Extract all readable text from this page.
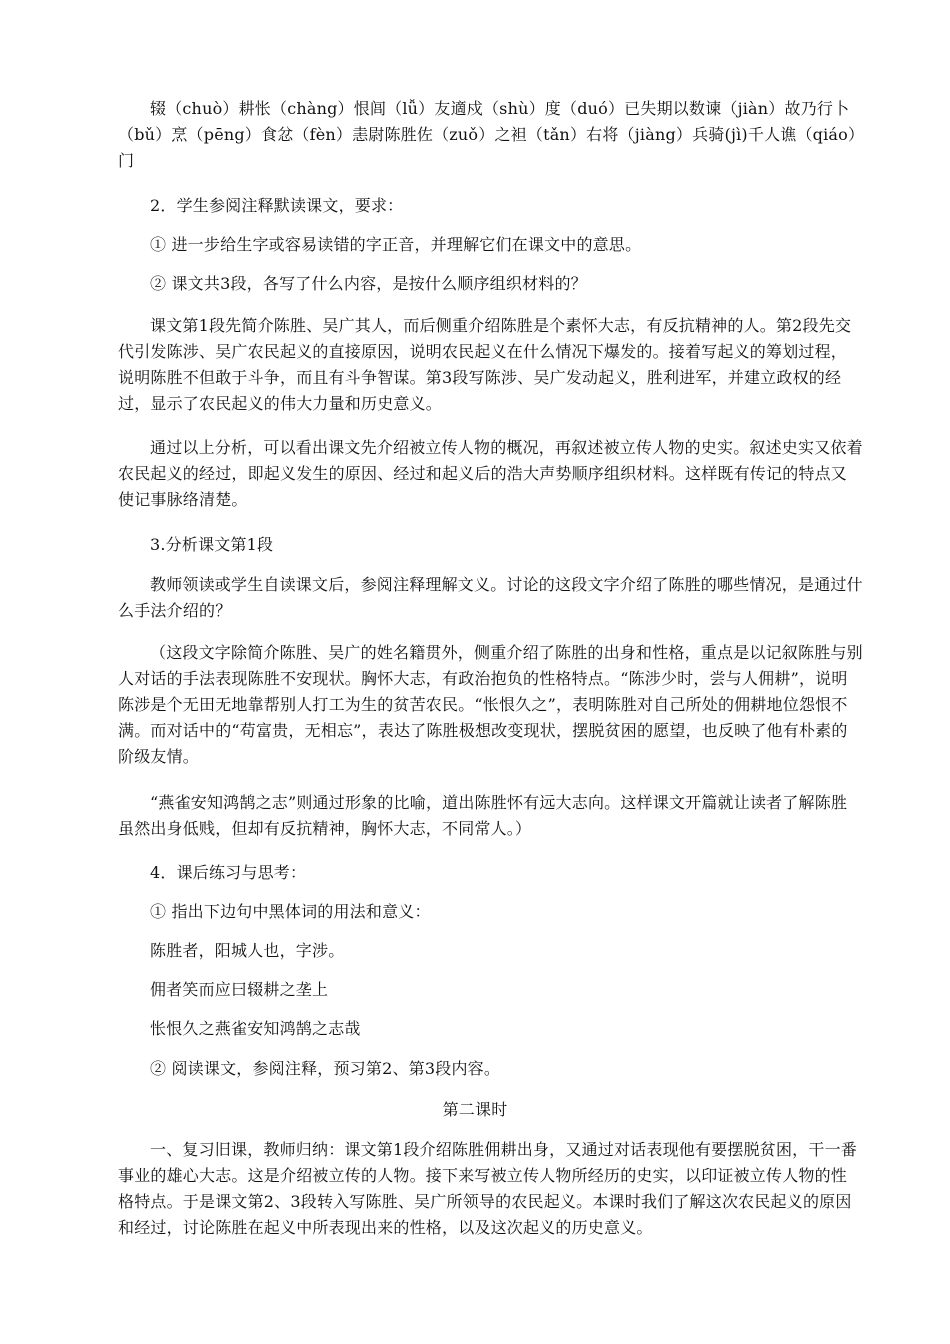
辍（chuò）耕怅（chàng）恨闾（lǚ）友適戍（shù）度（duó）已失期以数谏（jiàn）故乃行卜（bǔ）烹（pēng）食忿（fèn）恚尉陈胜佐（zuǒ）之袒（tǎn）右将（jiàng）兵骑(jì)千人谯（qiáo）门

2．学生参阅注释默读课文，要求：

① 进一步给生字或容易读错的字正音，并理解它们在课文中的意思。

② 课文共3段，各写了什么内容，是按什么顺序组织材料的？

课文第1段先简介陈胜、吴广其人，而后侧重介绍陈胜是个素怀大志，有反抗精神的人。第2段先交代引发陈涉、吴广农民起义的直接原因，说明农民起义在什么情况下爆发的。接着写起义的筹划过程，说明陈胜不但敢于斗争，而且有斗争智谋。第3段写陈涉、吴广发动起义，胜利进军，并建立政权的经过，显示了农民起义的伟大力量和历史意义。

通过以上分析，可以看出课文先介绍被立传人物的概况，再叙述被立传人物的史实。叙述史实又依着农民起义的经过，即起义发生的原因、经过和起义后的浩大声势顺序组织材料。这样既有传记的特点又使记事脉络清楚。

3.分析课文第1段

教师领读或学生自读课文后，参阅注释理解文义。讨论的这段文字介绍了陈胜的哪些情况，是通过什么手法介绍的？

（这段文字除简介陈胜、吴广的姓名籍贯外，侧重介绍了陈胜的出身和性格，重点是以记叙陈胜与别人对话的手法表现陈胜不安现状。胸怀大志，有政治抱负的性格特点。“陈涉少时，尝与人佣耕”，说明陈涉是个无田无地靠帮别人打工为生的贫苦农民。“怅恨久之”，表明陈胜对自己所处的佣耕地位怨恨不满。而对话中的“苟富贵，无相忘”，表达了陈胜极想改变现状，摆脱贫困的愿望，也反映了他有朴素的阶级友情。

“燕雀安知鸿鹄之志”则通过形象的比喻，道出陈胜怀有远大志向。这样课文开篇就让读者了解陈胜虽然出身低贱，但却有反抗精神，胸怀大志，不同常人。）

4．课后练习与思考：

① 指出下边句中黑体词的用法和意义：

陈胜者，阳城人也，字涉。

佣者笑而应曰辍耕之垄上

怅恨久之燕雀安知鸿鹄之志哉

② 阅读课文，参阅注释，预习第2、第3段内容。

第二课时

一、复习旧课，教师归纳：课文第1段介绍陈胜佣耕出身，又通过对话表现他有要摆脱贫困，干一番事业的雄心大志。这是介绍被立传的人物。接下来写被立传人物所经历的史实，以印证被立传人物的性格特点。于是课文第2、3段转入写陈胜、吴广所领导的农民起义。本课时我们了解这次农民起义的原因和经过，讨论陈胜在起义中所表现出来的性格，以及这次起义的历史意义。
